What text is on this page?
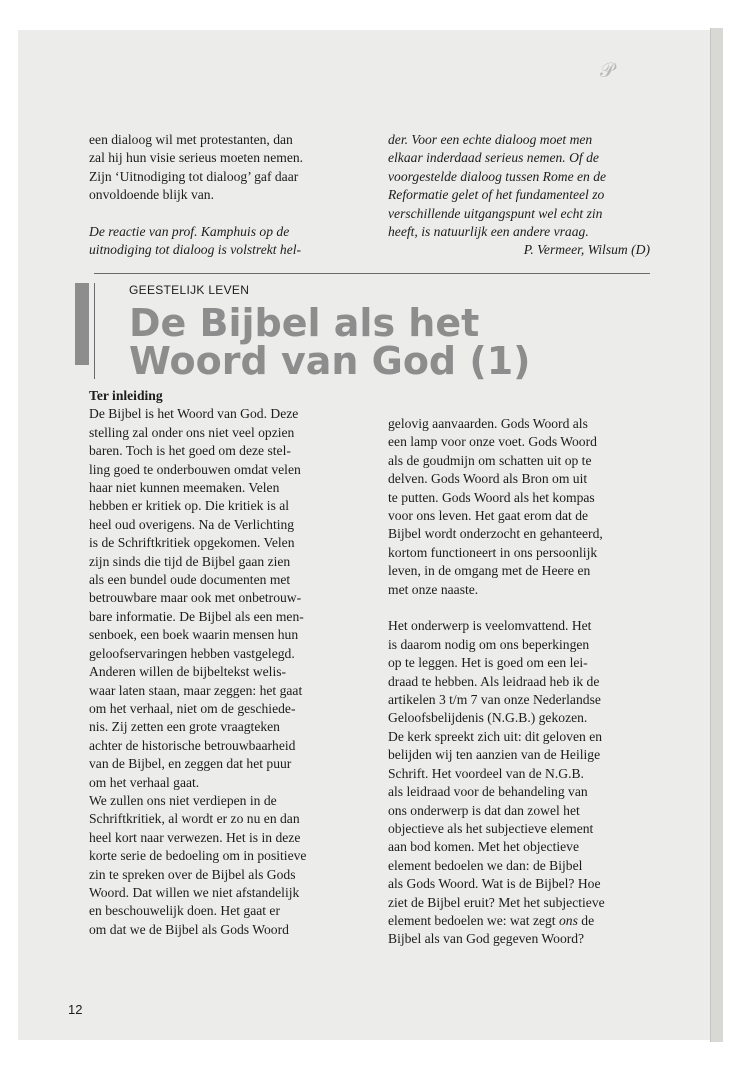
𝒫
een dialoog wil met protestanten, dan
zal hij hun visie serieus moeten nemen.
Zijn ‘Uitnodiging tot dialoog’ gaf daar
onvoldoende blijk van.
De reactie van prof. Kamphuis op de
uitnodiging tot dialoog is volstrekt hel-
der. Voor een echte dialoog moet men
elkaar inderdaad serieus nemen. Of de
voorgestelde dialoog tussen Rome en de
Reformatie gelet of het fundamenteel zo
verschillende uitgangspunt wel echt zin
heeft, is natuurlijk een andere vraag.
P. Vermeer, Wilsum (D)
GEESTELIJK LEVEN
De Bijbel als het
Woord van God (1)
Ter inleiding
De Bijbel is het Woord van God. Deze
stelling zal onder ons niet veel opzien
baren. Toch is het goed om deze stel-
ling goed te onderbouwen omdat velen
haar niet kunnen meemaken. Velen
hebben er kritiek op. Die kritiek is al
heel oud overigens. Na de Verlichting
is de Schriftkritiek opgekomen. Velen
zijn sinds die tijd de Bijbel gaan zien
als een bundel oude documenten met
betrouwbare maar ook met onbetrouw-
bare informatie. De Bijbel als een men-
senboek, een boek waarin mensen hun
geloofservaringen hebben vastgelegd.
Anderen willen de bijbeltekst welis-
waar laten staan, maar zeggen: het gaat
om het verhaal, niet om de geschiede-
nis. Zij zetten een grote vraagteken
achter de historische betrouwbaarheid
van de Bijbel, en zeggen dat het puur
om het verhaal gaat.
We zullen ons niet verdiepen in de
Schriftkritiek, al wordt er zo nu en dan
heel kort naar verwezen. Het is in deze
korte serie de bedoeling om in positieve
zin te spreken over de Bijbel als Gods
Woord. Dat willen we niet afstandelijk
en beschouwelijk doen. Het gaat er
om dat we de Bijbel als Gods Woord
gelovig aanvaarden. Gods Woord als
een lamp voor onze voet. Gods Woord
als de goudmijn om schatten uit op te
delven. Gods Woord als Bron om uit
te putten. Gods Woord als het kompas
voor ons leven. Het gaat erom dat de
Bijbel wordt onderzocht en gehanteerd,
kortom functioneert in ons persoonlijk
leven, in de omgang met de Heere en
met onze naaste.
Het onderwerp is veelomvattend. Het
is daarom nodig om ons beperkingen
op te leggen. Het is goed om een lei-
draad te hebben. Als leidraad heb ik de
artikelen 3 t/m 7 van onze Nederlandse
Geloofsbelijdenis (N.G.B.) gekozen.
De kerk spreekt zich uit: dit geloven en
belijden wij ten aanzien van de Heilige
Schrift. Het voordeel van de N.G.B.
als leidraad voor de behandeling van
ons onderwerp is dat dan zowel het
objectieve als het subjectieve element
aan bod komen. Met het objectieve
element bedoelen we dan: de Bijbel
als Gods Woord. Wat is de Bijbel? Hoe
ziet de Bijbel eruit? Met het subjectieve
element bedoelen we: wat zegt ons de
Bijbel als van God gegeven Woord?
12
